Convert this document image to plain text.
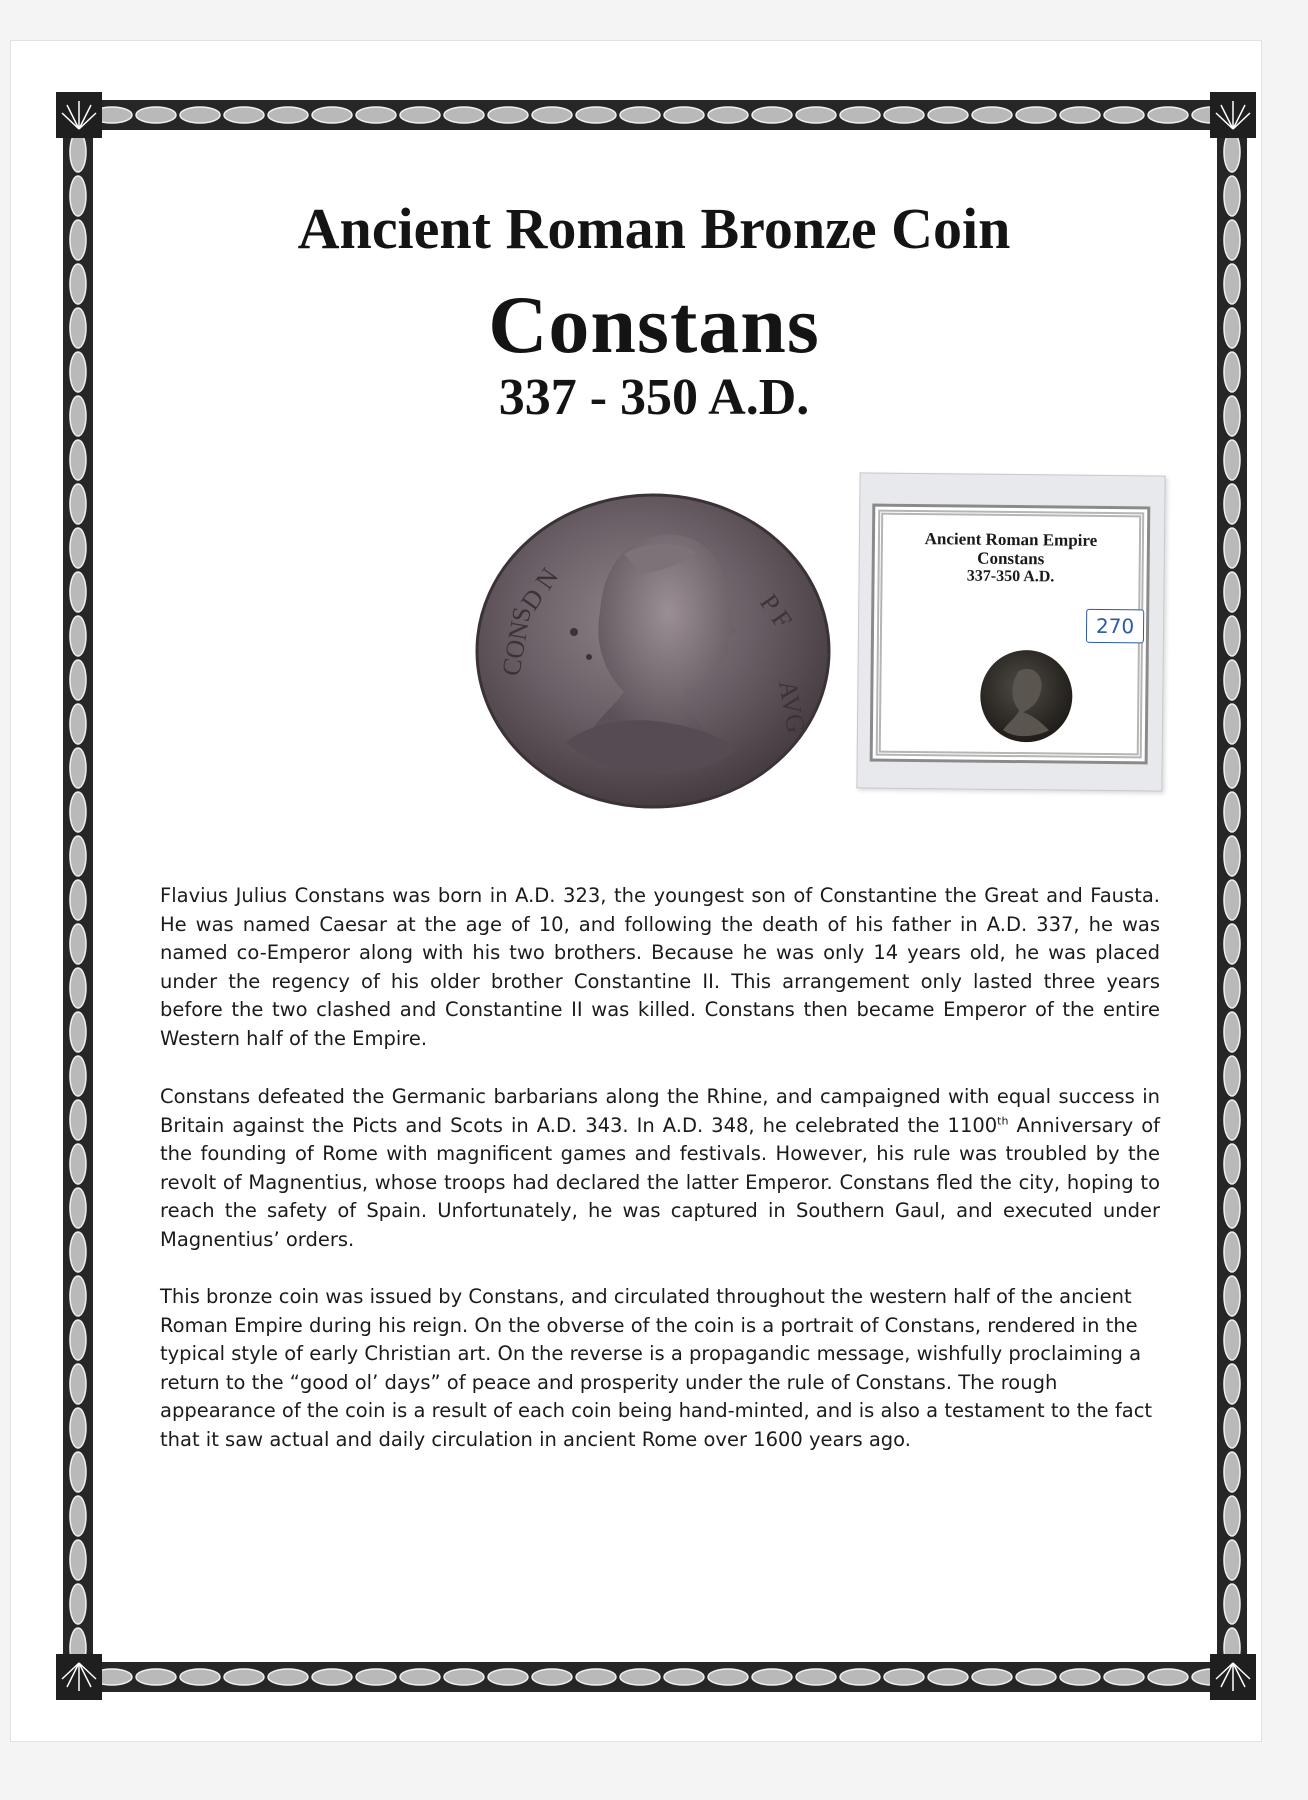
Ancient Roman Bronze Coin
Constans
337 - 350 A.D.
D N
CONS	P F
AVG

Ancient Roman Empire

Constans

337-350 A.D.

270

Flavius Julius Constans was born in A.D. 323, the youngest son of Constantine the Great and Fausta. He was named Caesar at the age of 10, and following the death of his father in A.D. 337, he was named co-Emperor along with his two brothers. Because he was only 14 years old, he was placed under the regency of his older brother Constantine II. This arrangement only lasted three years before the two clashed and Constantine II was killed. Constans then became Emperor of the entire Western half of the Empire.

Constans defeated the Germanic barbarians along the Rhine, and campaigned with equal success in Britain against the Picts and Scots in A.D. 343. In A.D. 348, he celebrated the 1100th Anniversary of the founding of Rome with magnificent games and festivals. However, his rule was troubled by the revolt of Magnentius, whose troops had declared the latter Emperor. Constans fled the city, hoping to reach the safety of Spain. Unfortunately, he was captured in Southern Gaul, and executed under Magnentius’ orders.

This bronze coin was issued by Constans, and circulated throughout the western half of the ancient Roman Empire during his reign. On the obverse of the coin is a portrait of Constans, rendered in the typical style of early Christian art. On the reverse is a propagandic message, wishfully proclaiming a return to the “good ol’ days” of peace and prosperity under the rule of Constans. The rough appearance of the coin is a result of each coin being hand-minted, and is also a testament to the fact that it saw actual and daily circulation in ancient Rome over 1600 years ago.
